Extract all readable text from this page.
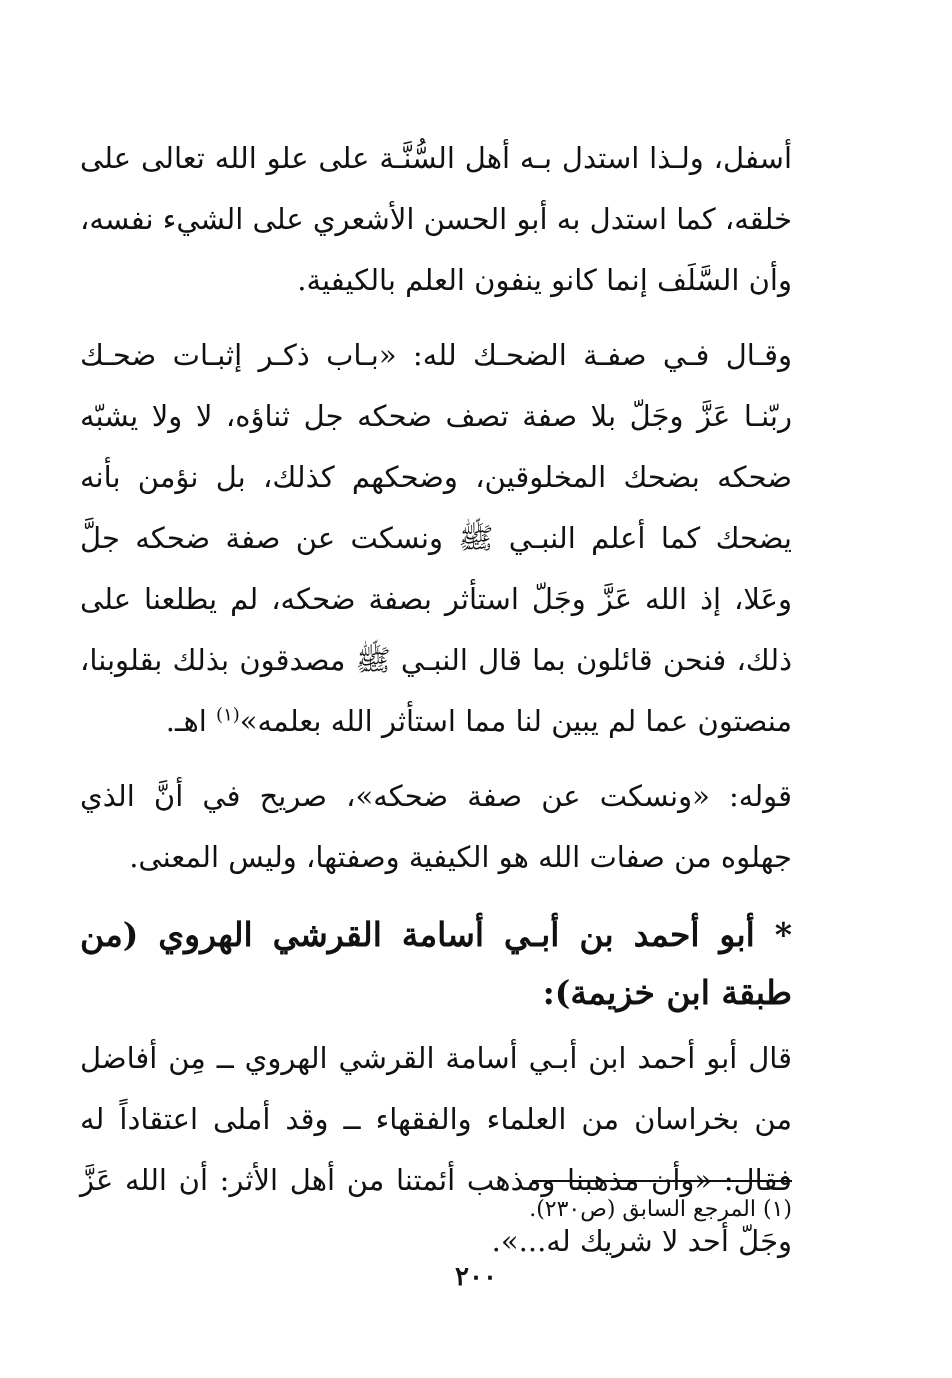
أسفل، ولـذا استدل بـه أهل السُّنَّـة على علو الله تعالى على خلقه، كما استدل به أبو الحسن الأشعري على الشيء نفسه، وأن السَّلَف إنما كانو ينفون العلم بالكيفية.

وقـال فـي صفـة الضحـك لله: «بـاب ذكـر إثبـات ضحـك ربّنـا عَزَّ وجَلّ بلا صفة تصف ضحكه جل ثناؤه، لا ولا يشبّه ضحكه بضحك المخلوقين، وضحكهم كذلك، بل نؤمن بأنه يضحك كما أعلم النبـي ﷺ ونسكت عن صفة ضحكه جلَّ وعَلا، إذ الله عَزَّ وجَلّ استأثر بصفة ضحكه، لم يطلعنا على ذلك، فنحن قائلون بما قال النبـي ﷺ مصدقون بذلك بقلوبنا، منصتون عما لم يبين لنا مما استأثر الله بعلمه»$^{(١)}$ اهـ.

قوله: «ونسكت عن صفة ضحكه»، صريح في أنَّ الذي جهلوه من صفات الله هو الكيفية وصفتها، وليس المعنى.

* أبو أحمد بن أبـي أسامة القرشي الهروي (من طبقة ابن خزيمة):

قال أبو أحمد ابن أبـي أسامة القرشي الهروي ــ مِن أفاضل من بخراسان من العلماء والفقهاء ــ وقد أملى اعتقاداً له فقال: «وأن مذهبنا ومذهب أئمتنا من أهل الأثر: أن الله عَزَّ وجَلّ أحد لا شريك له...».

(١) المرجع السابق (ص٢٣٠).
٢٠٠
